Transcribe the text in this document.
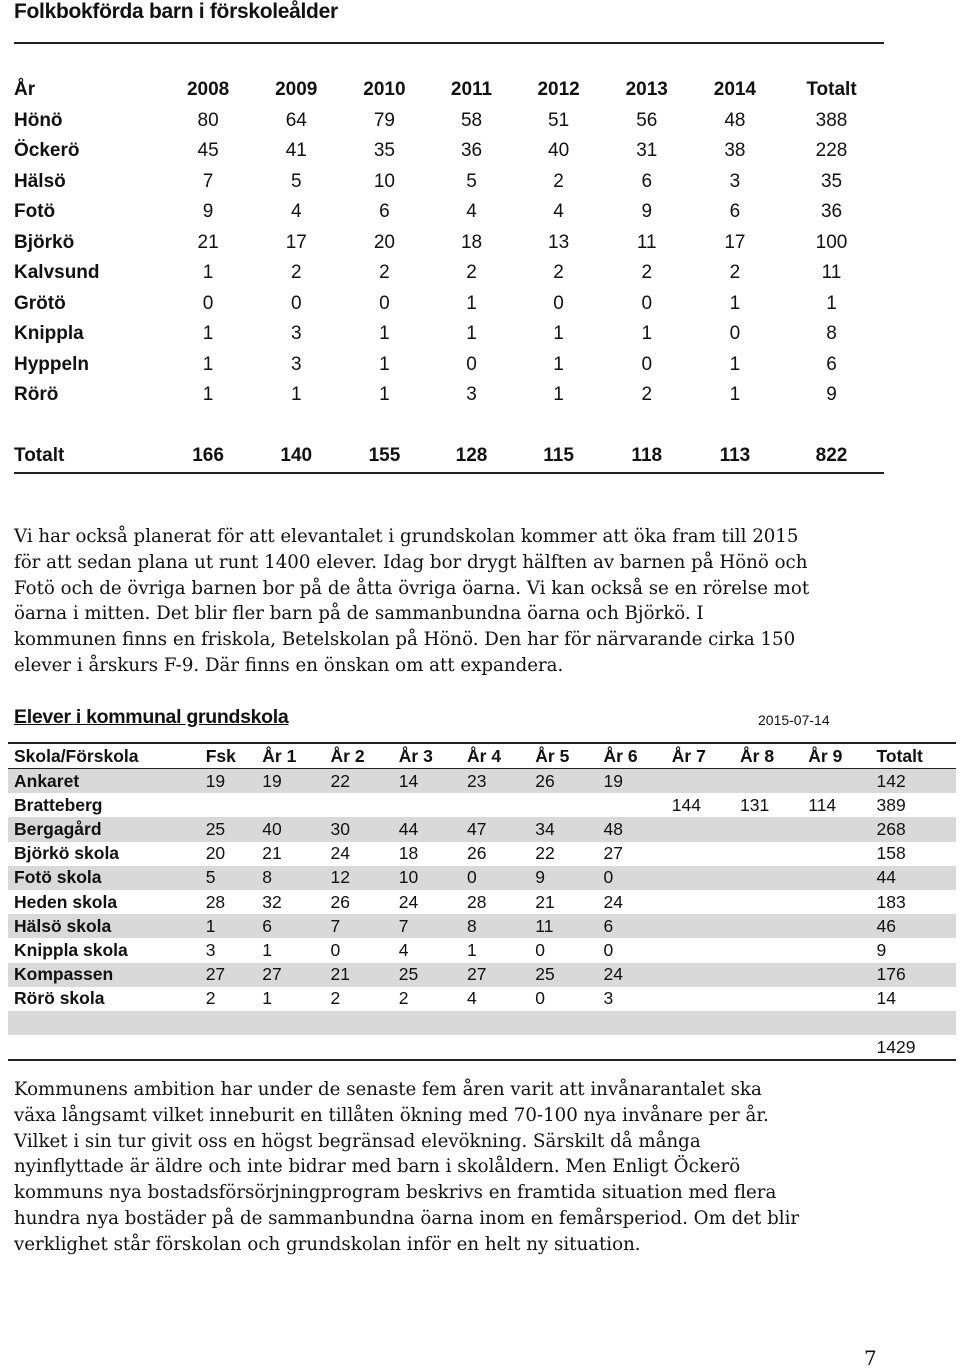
Folkbokförda barn i förskoleålder
År	2008	2009	2010	2011	2012	2013	2014	Totalt
Hönö	80	64	79	58	51	56	48	388
Öckerö	45	41	35	36	40	31	38	228
Hälsö	7	5	10	5	2	6	3	35
Fotö	9	4	6	4	4	9	6	36
Björkö	21	17	20	18	13	11	17	100
Kalvsund	1	2	2	2	2	2	2	11
Grötö	0	0	0	1	0	0	1	1
Knippla	1	3	1	1	1	1	0	8
Hyppeln	1	3	1	0	1	0	1	6
Rörö	1	1	1	3	1	2	1	9

Totalt	166	140	155	128	115	118	113	822

Vi har också planerat för att elevantalet i grundskolan kommer att öka fram till 2015

för att sedan plana ut runt 1400 elever. Idag bor drygt hälften av barnen på Hönö och

Fotö och de övriga barnen bor på de åtta övriga öarna. Vi kan också se en rörelse mot

öarna i mitten. Det blir fler barn på de sammanbundna öarna och Björkö. I

kommunen finns en friskola, Betelskolan på Hönö. Den har för närvarande cirka 150

elever i årskurs F-9. Där finns en önskan om att expandera.

Elever i kommunal grundskola	2015-07-14
Skola/Förskola	Fsk	År 1	År 2	År 3	År 4	År 5	År 6	År 7	År 8	År 9	Totalt
Ankaret	19	19	22	14	23	26	19				142
Bratteberg								144	131	114	389
Bergagård	25	40	30	44	47	34	48				268
Björkö skola	20	21	24	18	26	22	27				158
Fotö skola	5	8	12	10	0	9	0				44
Heden skola	28	32	26	24	28	21	24				183
Hälsö skola	1	6	7	7	8	11	6				46
Knippla skola	3	1	0	4	1	0	0				9
Kompassen	27	27	21	25	27	25	24				176
Rörö skola	2	1	2	2	4	0	3				14

											1429

Kommunens ambition har under de senaste fem åren varit att invånarantalet ska

växa långsamt vilket inneburit en tillåten ökning med 70-100 nya invånare per år.

Vilket i sin tur givit oss en högst begränsad elevökning. Särskilt då många

nyinflyttade är äldre och inte bidrar med barn i skolåldern. Men Enligt Öckerö

kommuns nya bostadsförsörjningprogram beskrivs en framtida situation med flera

hundra nya bostäder på de sammanbundna öarna inom en femårsperiod. Om det blir

verklighet står förskolan och grundskolan inför en helt ny situation.

7
